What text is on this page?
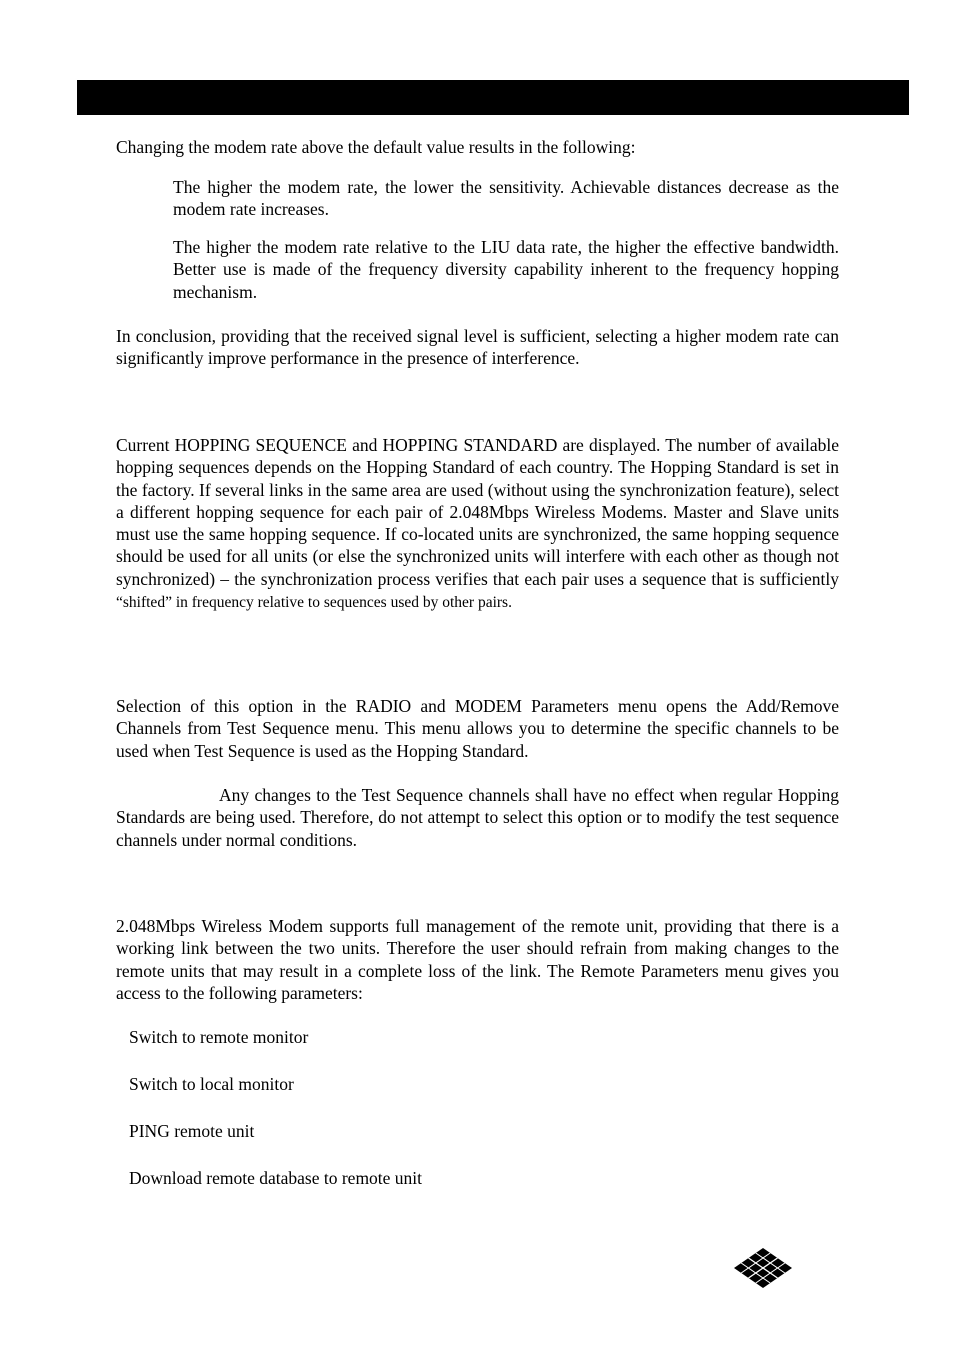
Changing the modem rate above the default value results in the following:

The higher the modem rate, the lower the sensitivity. Achievable distances decrease as the modem rate increases.

The higher the modem rate relative to the LIU data rate, the higher the effective bandwidth. Better use is made of the frequency diversity capability inherent to the frequency hopping mechanism.

In conclusion, providing that the received signal level is sufficient, selecting a higher modem rate can significantly improve performance in the presence of interference.

Current HOPPING SEQUENCE and HOPPING STANDARD are displayed. The number of available hopping sequences depends on the Hopping Standard of each country. The Hopping Standard is set in the factory. If several links in the same area are used (without using the synchronization feature), select a different hopping sequence for each pair of 2.048Mbps Wireless Modems. Master and Slave units must use the same hopping sequence. If co-located units are synchronized, the same hopping sequence should be used for all units (or else the synchronized units will interfere with each other as though not synchronized) – the synchronization process verifies that each pair uses a sequence that is sufficiently “shifted” in frequency relative to sequences used by other pairs.

Selection of this option in the RADIO and MODEM Parameters menu opens the Add/Remove Channels from Test Sequence menu. This menu allows you to determine the specific channels to be used when Test Sequence is used as the Hopping Standard.

Any changes to the Test Sequence channels shall have no effect when regular Hopping Standards are being used. Therefore, do not attempt to select this option or to modify the test sequence channels under normal conditions.

2.048Mbps Wireless Modem supports full management of the remote unit, providing that there is a working link between the two units. Therefore the user should refrain from making changes to the remote units that may result in a complete loss of the link. The Remote Parameters menu gives you access to the following parameters:

Switch to remote monitor
Switch to local monitor
PING remote unit
Download remote database to remote unit
